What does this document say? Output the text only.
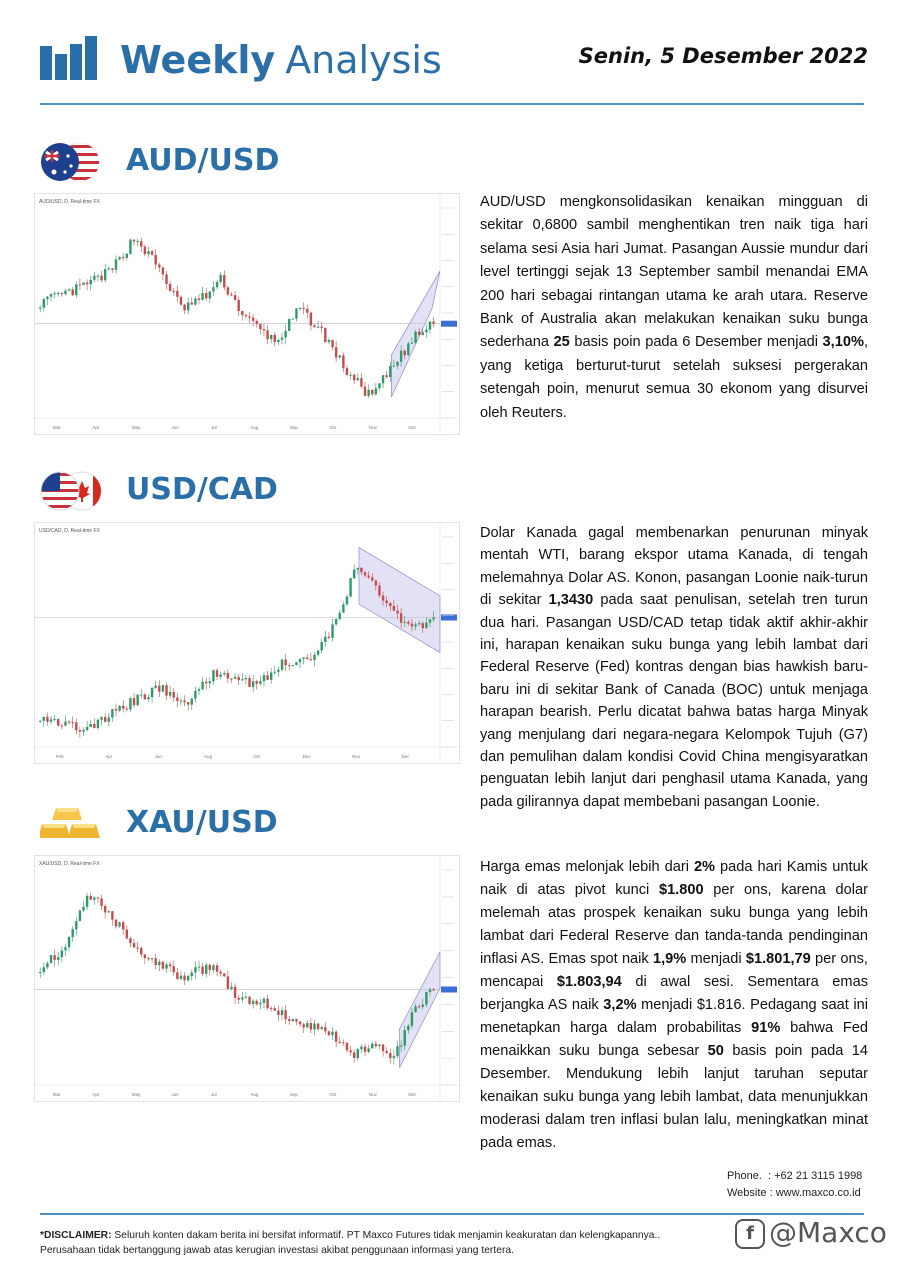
Weekly Analysis	Senin, 5 Desember 2022
AUD/USD
AUD/USD, D, Real-time FX
Mar	Apr	May	Jun	Jul	Aug	Sep	Oct	Nov	Dec
AUD/USD mengkonsolidasikan kenaikan mingguan di sekitar 0,6800 sambil menghentikan tren naik tiga hari selama sesi Asia hari Jumat. Pasangan Aussie mundur dari level tertinggi sejak 13 September sambil menandai EMA 200 hari sebagai rintangan utama ke arah utara. Reserve Bank of Australia akan melakukan kenaikan suku bunga sederhana 25 basis poin pada 6 Desember menjadi 3,10%, yang ketiga berturut-turut setelah suksesi pergerakan setengah poin, menurut semua 30 ekonom yang disurvei oleh Reuters.
USD/CAD
USD/CAD, D, Real-time FX
Feb	Apr	Jun	Aug	Oct	Dec	Nov	Dec
Dolar Kanada gagal membenarkan penurunan minyak mentah WTI, barang ekspor utama Kanada, di tengah melemahnya Dolar AS. Konon, pasangan Loonie naik-turun di sekitar 1,3430 pada saat penulisan, setelah tren turun dua hari. Pasangan USD/CAD tetap tidak aktif akhir-akhir ini, harapan kenaikan suku bunga yang lebih lambat dari Federal Reserve (Fed) kontras dengan bias hawkish baru-baru ini di sekitar Bank of Canada (BOC) untuk menjaga harapan bearish. Perlu dicatat bahwa batas harga Minyak yang menjulang dari negara-negara Kelompok Tujuh (G7) dan pemulihan dalam kondisi Covid China mengisyaratkan penguatan lebih lanjut dari penghasil utama Kanada, yang pada gilirannya dapat membebani pasangan Loonie.
XAU/USD
XAU/USD, D, Real-time FX
Mar	Apr	May	Jun	Jul	Aug	Sep	Oct	Nov	Dec
Harga emas melonjak lebih dari 2% pada hari Kamis untuk naik di atas pivot kunci $1.800 per ons, karena dolar melemah atas prospek kenaikan suku bunga yang lebih lambat dari Federal Reserve dan tanda-tanda pendinginan inflasi AS. Emas spot naik 1,9% menjadi $1.801,79 per ons, mencapai $1.803,94 di awal sesi. Sementara emas berjangka AS naik 3,2% menjadi $1.816. Pedagang saat ini menetapkan harga dalam probabilitas 91% bahwa Fed menaikkan suku bunga sebesar 50 basis poin pada 14 Desember. Mendukung lebih lanjut taruhan seputar kenaikan suku bunga yang lebih lambat, data menunjukkan moderasi dalam tren inflasi bulan lalu, meningkatkan minat pada emas.
Phone. : +62 21 3115 1998
Website : www.maxco.co.id
*DISCLAIMER: Seluruh konten dakam berita ini bersifat informatif. PT Maxco Futures tidak menjamin keakuratan dan kelengkapannya..
Perusahaan tidak bertanggung jawab atas kerugian investasi akibat penggunaan informasi yang tertera.
f @Maxco
